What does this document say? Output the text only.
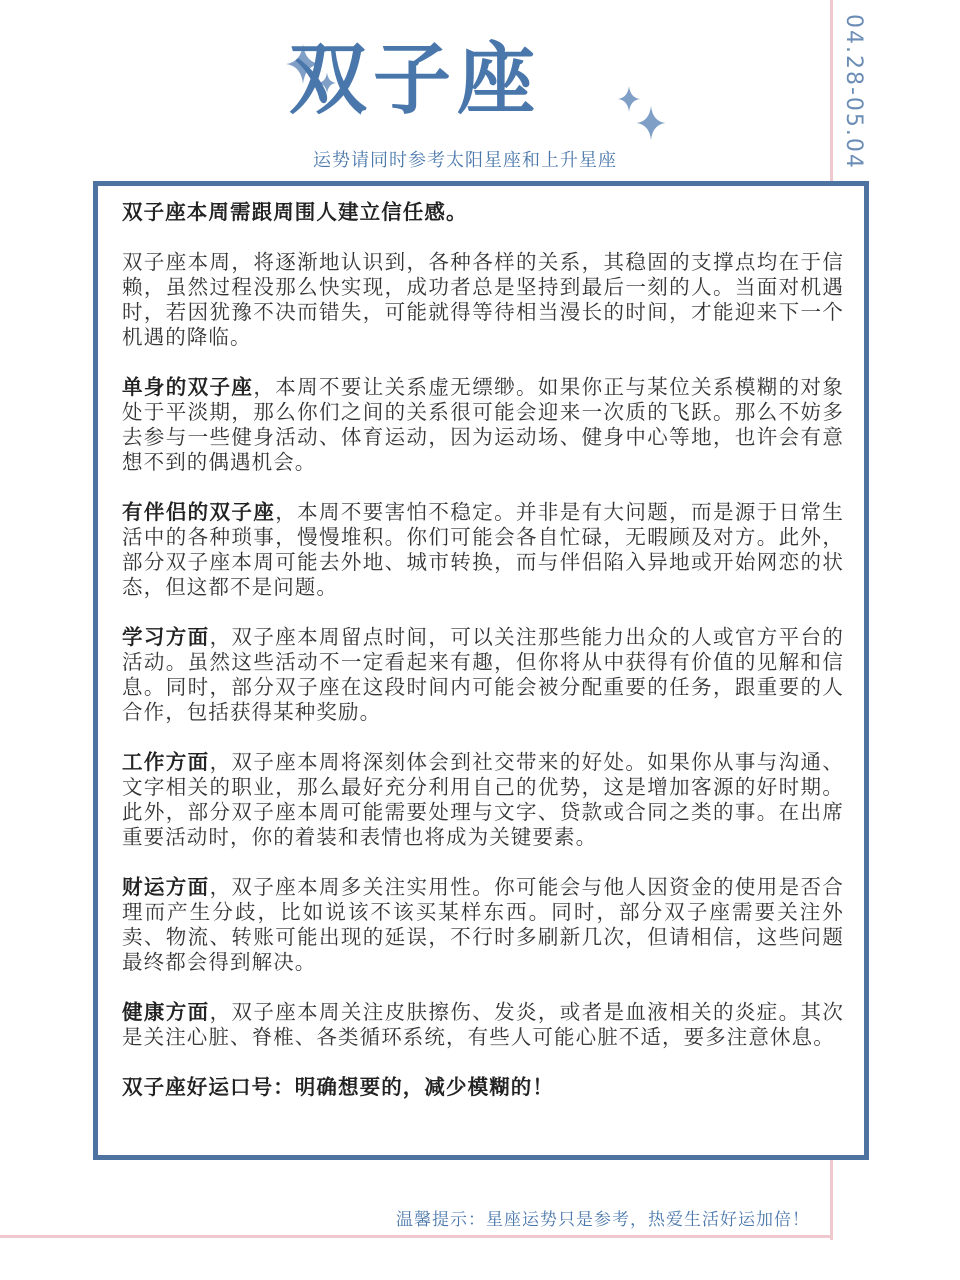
双子座
运势请同时参考太阳星座和上升星座	04.28-05.04

双子座本周需跟周围人建立信任感。

双子座本周，将逐渐地认识到，各种各样的关系，其稳固的支撑点均在于信赖，虽然过程没那么快实现，成功者总是坚持到最后一刻的人。当面对机遇时，若因犹豫不决而错失，可能就得等待相当漫长的时间，才能迎来下一个机遇的降临。

单身的双子座，本周不要让关系虚无缥缈。如果你正与某位关系模糊的对象处于平淡期，那么你们之间的关系很可能会迎来一次质的飞跃。那么不妨多去参与一些健身活动、体育运动，因为运动场、健身中心等地，也许会有意想不到的偶遇机会。

有伴侣的双子座，本周不要害怕不稳定。并非是有大问题，而是源于日常生活中的各种琐事，慢慢堆积。你们可能会各自忙碌，无暇顾及对方。此外，部分双子座本周可能去外地、城市转换，而与伴侣陷入异地或开始网恋的状态，但这都不是问题。

学习方面，双子座本周留点时间，可以关注那些能力出众的人或官方平台的活动。虽然这些活动不一定看起来有趣，但你将从中获得有价值的见解和信息。同时，部分双子座在这段时间内可能会被分配重要的任务，跟重要的人合作，包括获得某种奖励。

工作方面，双子座本周将深刻体会到社交带来的好处。如果你从事与沟通、文字相关的职业，那么最好充分利用自己的优势，这是增加客源的好时期。此外，部分双子座本周可能需要处理与文字、贷款或合同之类的事。在出席重要活动时，你的着装和表情也将成为关键要素。

财运方面，双子座本周多关注实用性。你可能会与他人因资金的使用是否合理而产生分歧，比如说该不该买某样东西。同时，部分双子座需要关注外卖、物流、转账可能出现的延误，不行时多刷新几次，但请相信，这些问题最终都会得到解决。

健康方面，双子座本周关注皮肤擦伤、发炎，或者是血液相关的炎症。其次是关注心脏、脊椎、各类循环系统，有些人可能心脏不适，要多注意休息。

双子座好运口号：明确想要的，减少模糊的！

温馨提示：星座运势只是参考，热爱生活好运加倍！
